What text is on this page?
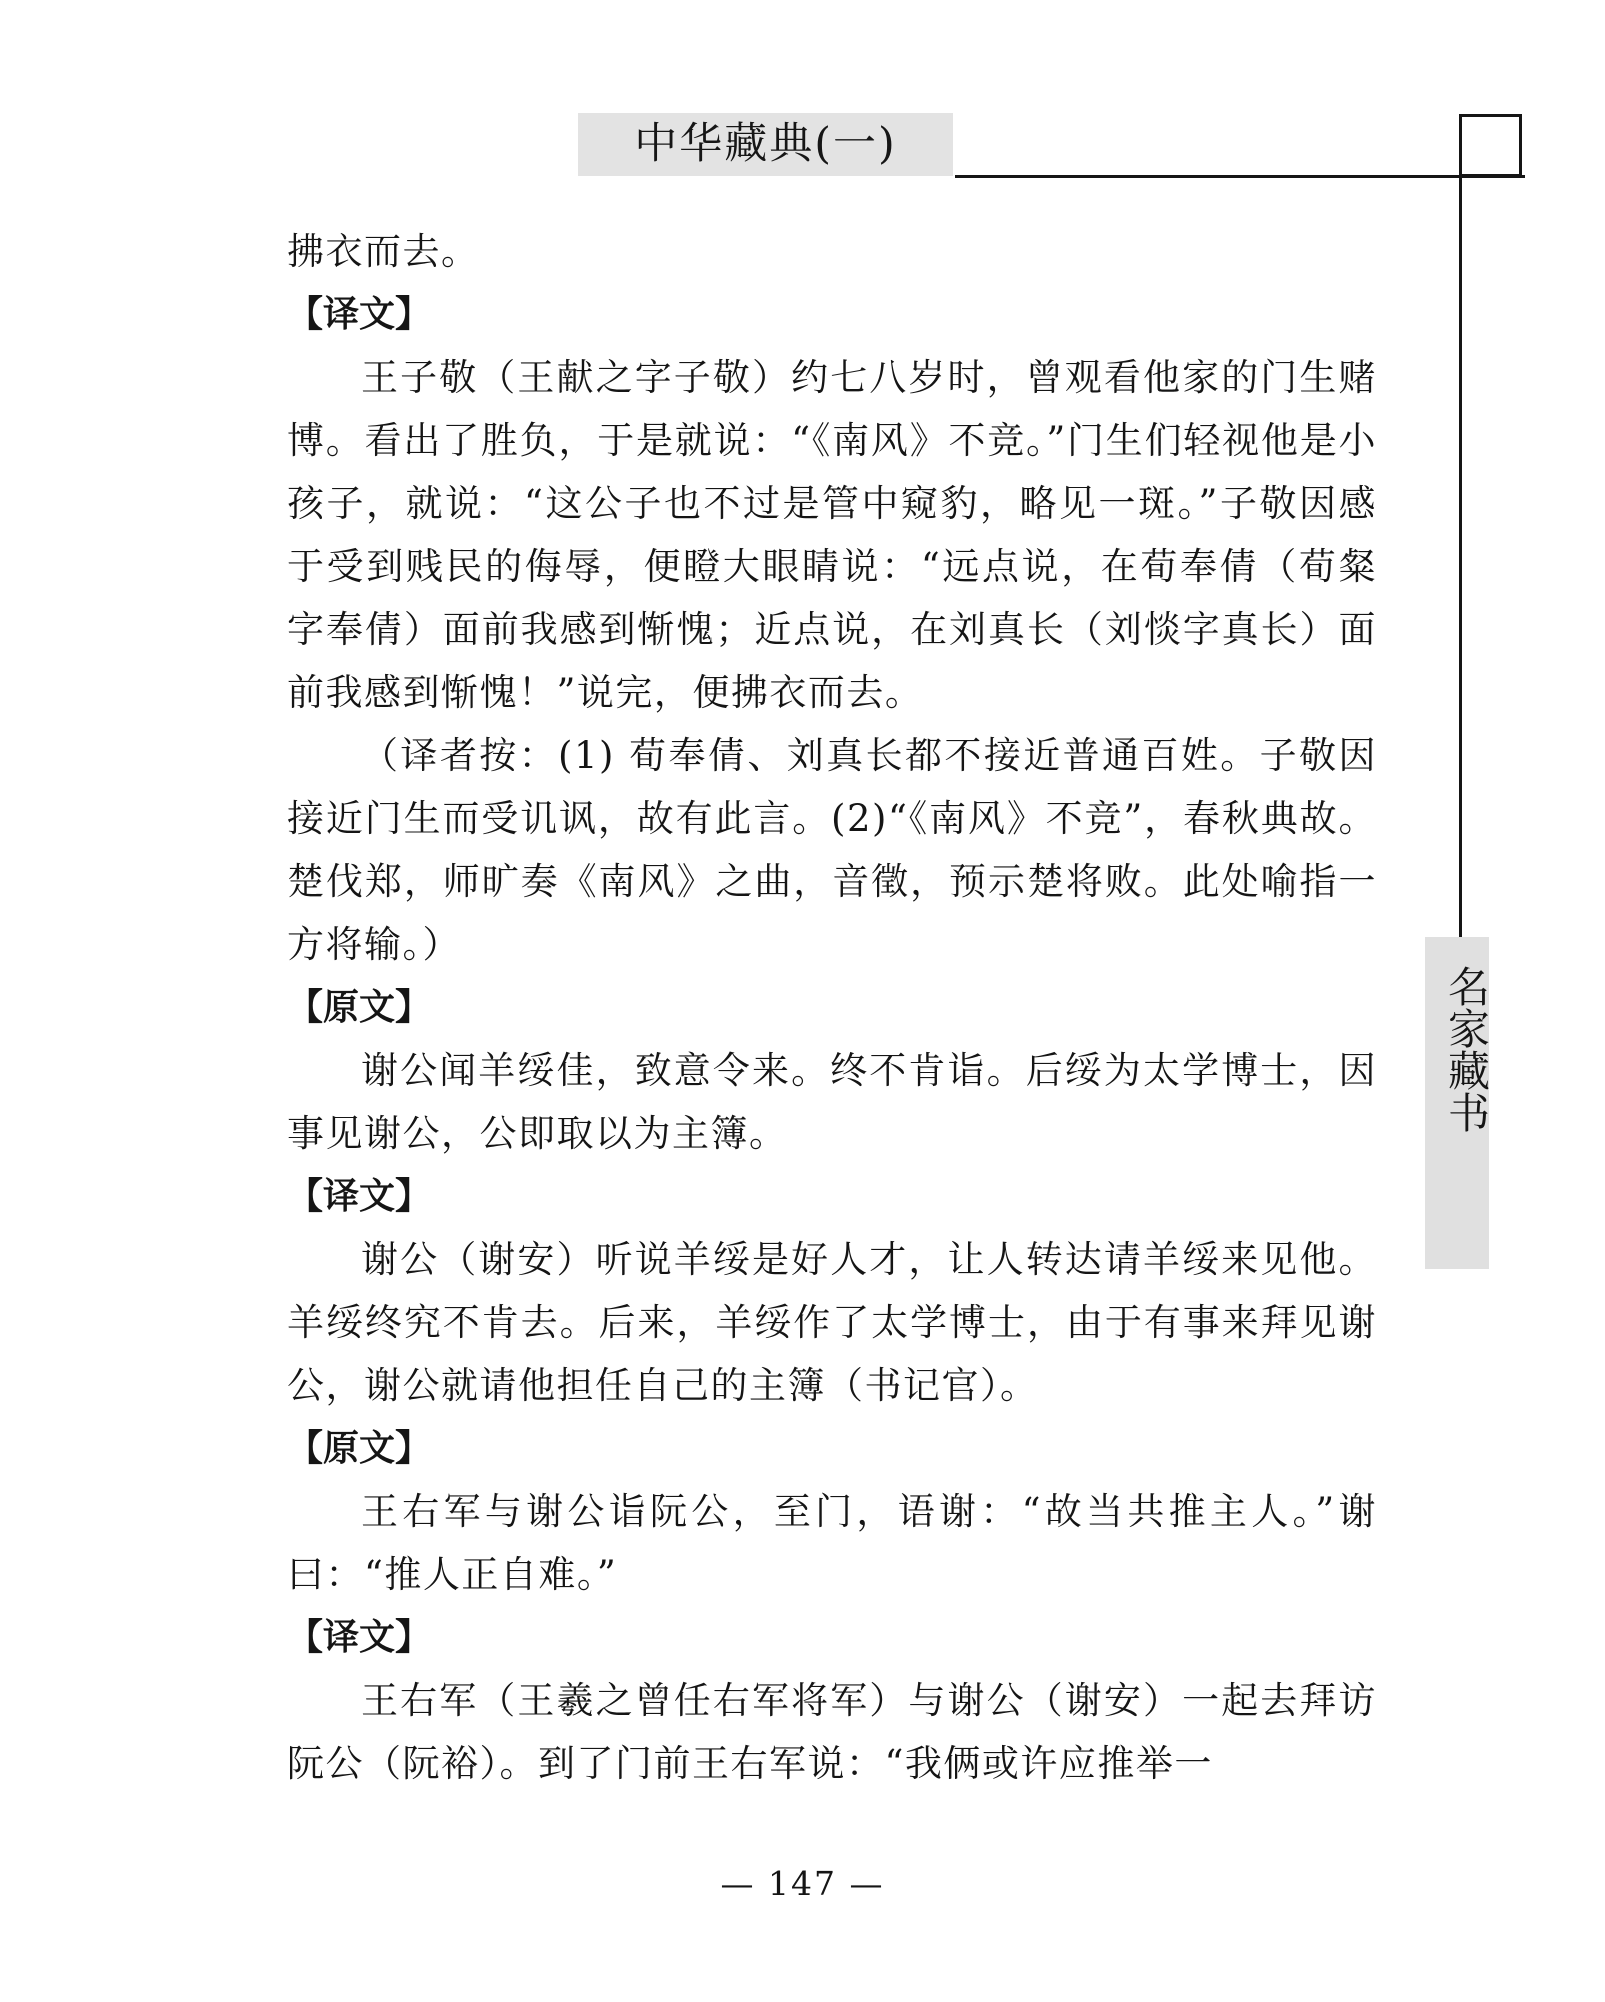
中华藏典(一)
名家藏书

拂衣而去。

【译文】

王子敬（王献之字子敬）约七八岁时，曾观看他家的门生赌博。看出了胜负，于是就说：“《南风》不竞。”门生们轻视他是小孩子，就说：“这公子也不过是管中窥豹，略见一斑。”子敬因感于受到贱民的侮辱，便瞪大眼睛说：“远点说，在荀奉倩（荀粲字奉倩）面前我感到惭愧；近点说，在刘真长（刘惔字真长）面前我感到惭愧！”说完，便拂衣而去。

（译者按：(1) 荀奉倩、刘真长都不接近普通百姓。子敬因接近门生而受讥讽，故有此言。(2)“《南风》不竞”，春秋典故。楚伐郑，师旷奏《南风》之曲，音徵，预示楚将败。此处喻指一方将输。）

【原文】

谢公闻羊绥佳，致意令来。终不肯诣。后绥为太学博士，因事见谢公，公即取以为主簿。

【译文】

谢公（谢安）听说羊绥是好人才，让人转达请羊绥来见他。羊绥终究不肯去。后来，羊绥作了太学博士，由于有事来拜见谢公，谢公就请他担任自己的主簿（书记官）。

【原文】

王右军与谢公诣阮公，至门，语谢：“故当共推主人。”谢曰：“推人正自难。”

【译文】

王右军（王羲之曾任右军将军）与谢公（谢安）一起去拜访阮公（阮裕）。到了门前王右军说：“我俩或许应推举一

— 147 —
